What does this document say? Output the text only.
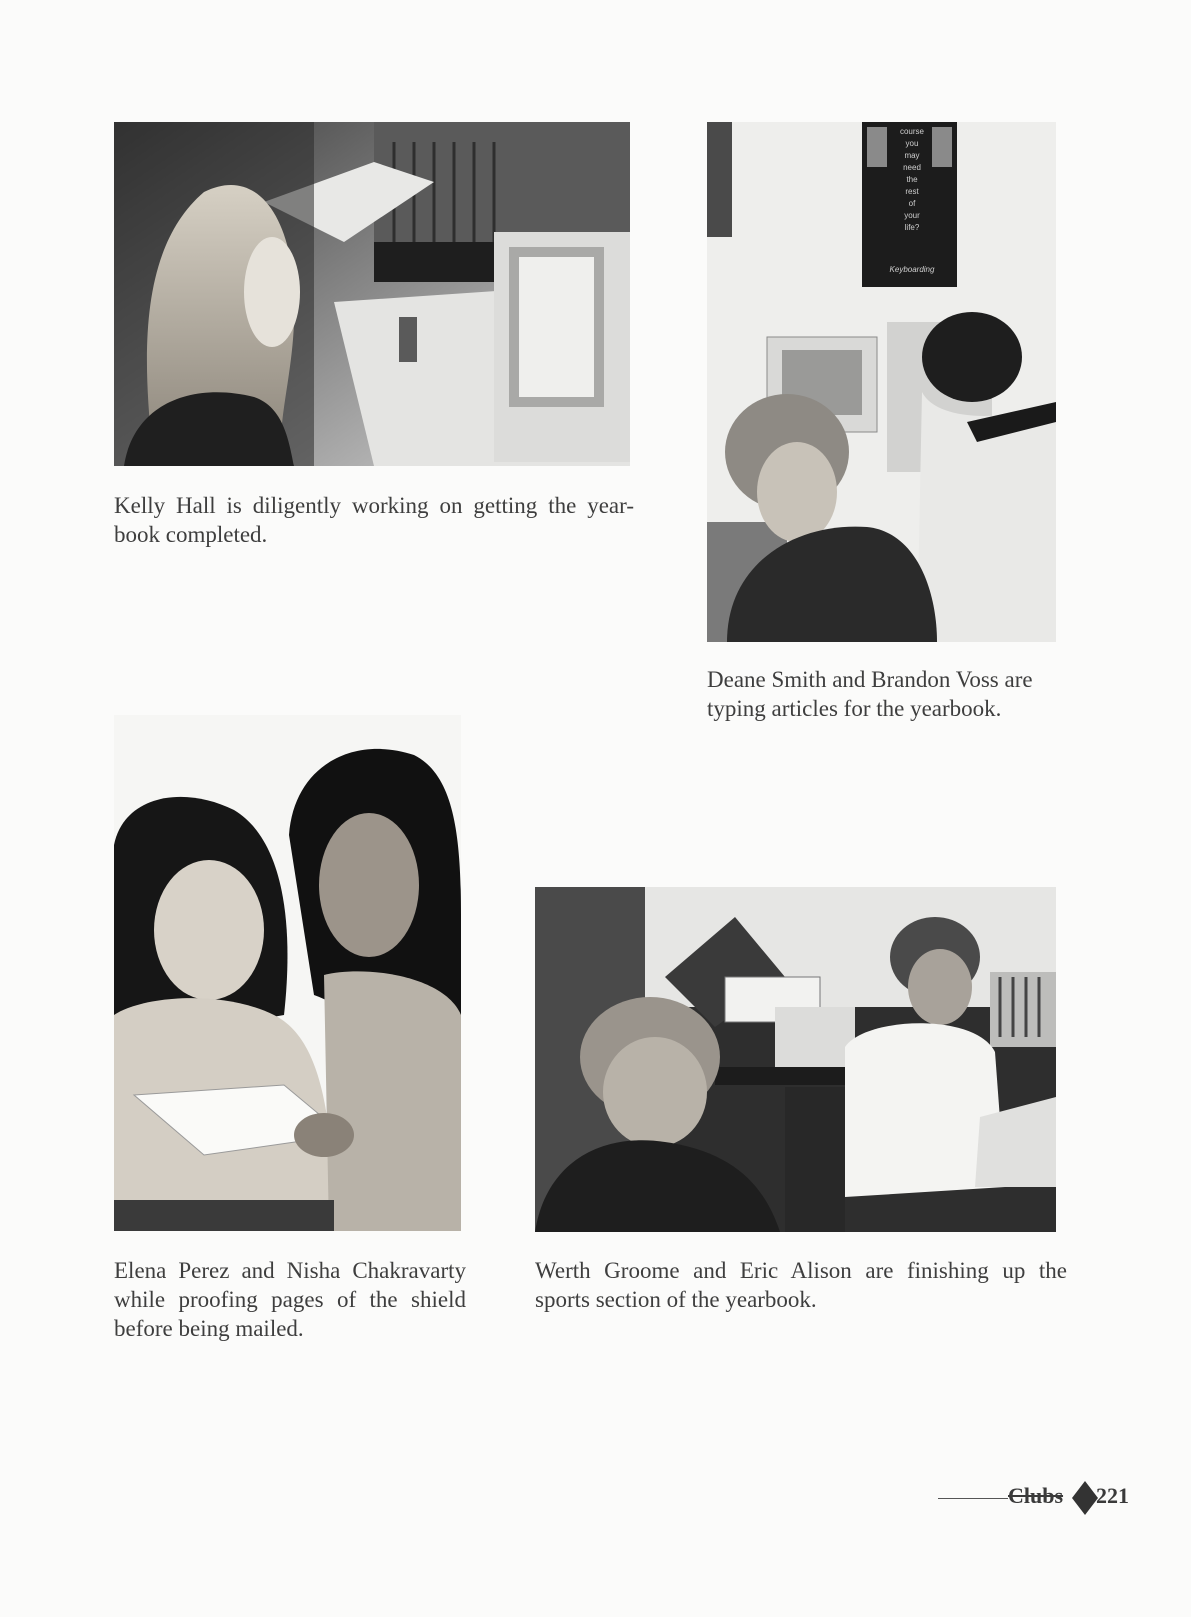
Kelly Hall is diligently working on getting the year-
book completed.

course
you
may
need
the
rest
of
your
life?
Keyboarding

Deane Smith and Brandon Voss are
typing articles for the yearbook.

Elena Perez and Nisha Chakravarty
while proofing pages of the shield
before being mailed.

Werth Groome and Eric Alison are finishing up the
sports section of the yearbook.

Clubs 221
